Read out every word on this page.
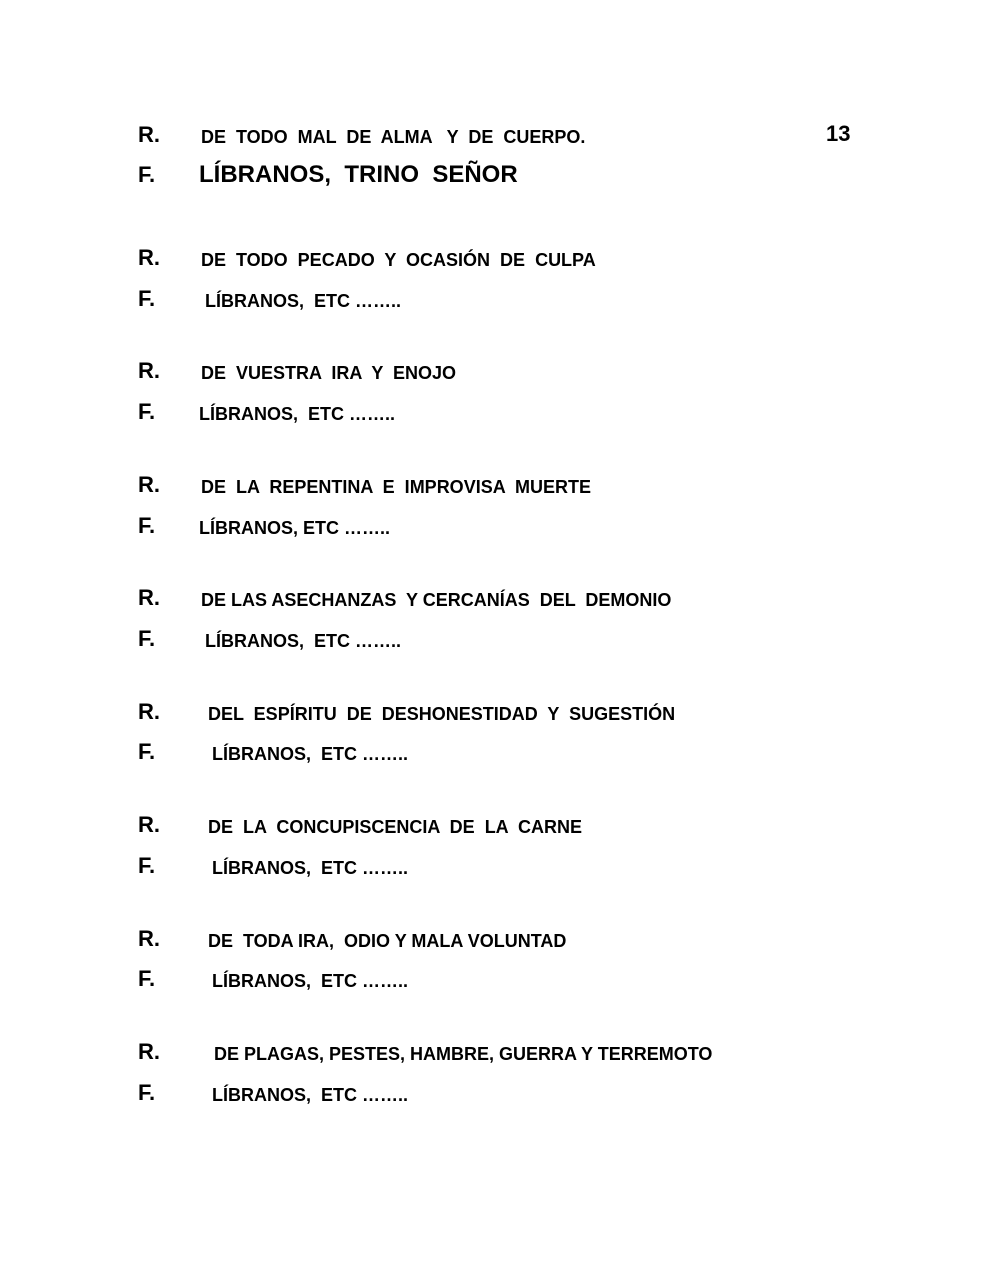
13
R. DE  TODO  MAL  DE  ALMA   Y  DE  CUERPO.
F. LÍBRANOS,  TRINO  SEÑOR
R. DE  TODO  PECADO  Y  OCASIÓN  DE  CULPA
F.	LÍBRANOS,  ETC ……..
R. DE  VUESTRA  IRA  Y  ENOJO
F. LÍBRANOS,  ETC ……..
R. DE  LA  REPENTINA  E  IMPROVISA  MUERTE
F. LÍBRANOS, ETC ……..
R. DE LAS ASECHANZAS  Y CERCANÍAS  DEL  DEMONIO
F.	LÍBRANOS,  ETC ……..
R.	DEL  ESPÍRITU  DE  DESHONESTIDAD  Y  SUGESTIÓN
F.	LÍBRANOS,  ETC ……..
R.	DE  LA  CONCUPISCENCIA  DE  LA  CARNE
F.	LÍBRANOS,  ETC ……..
R.	DE  TODA IRA,  ODIO Y MALA VOLUNTAD
F.	LÍBRANOS,  ETC ……..
R.	DE PLAGAS, PESTES, HAMBRE, GUERRA Y TERREMOTO
F.	LÍBRANOS,  ETC ……..
